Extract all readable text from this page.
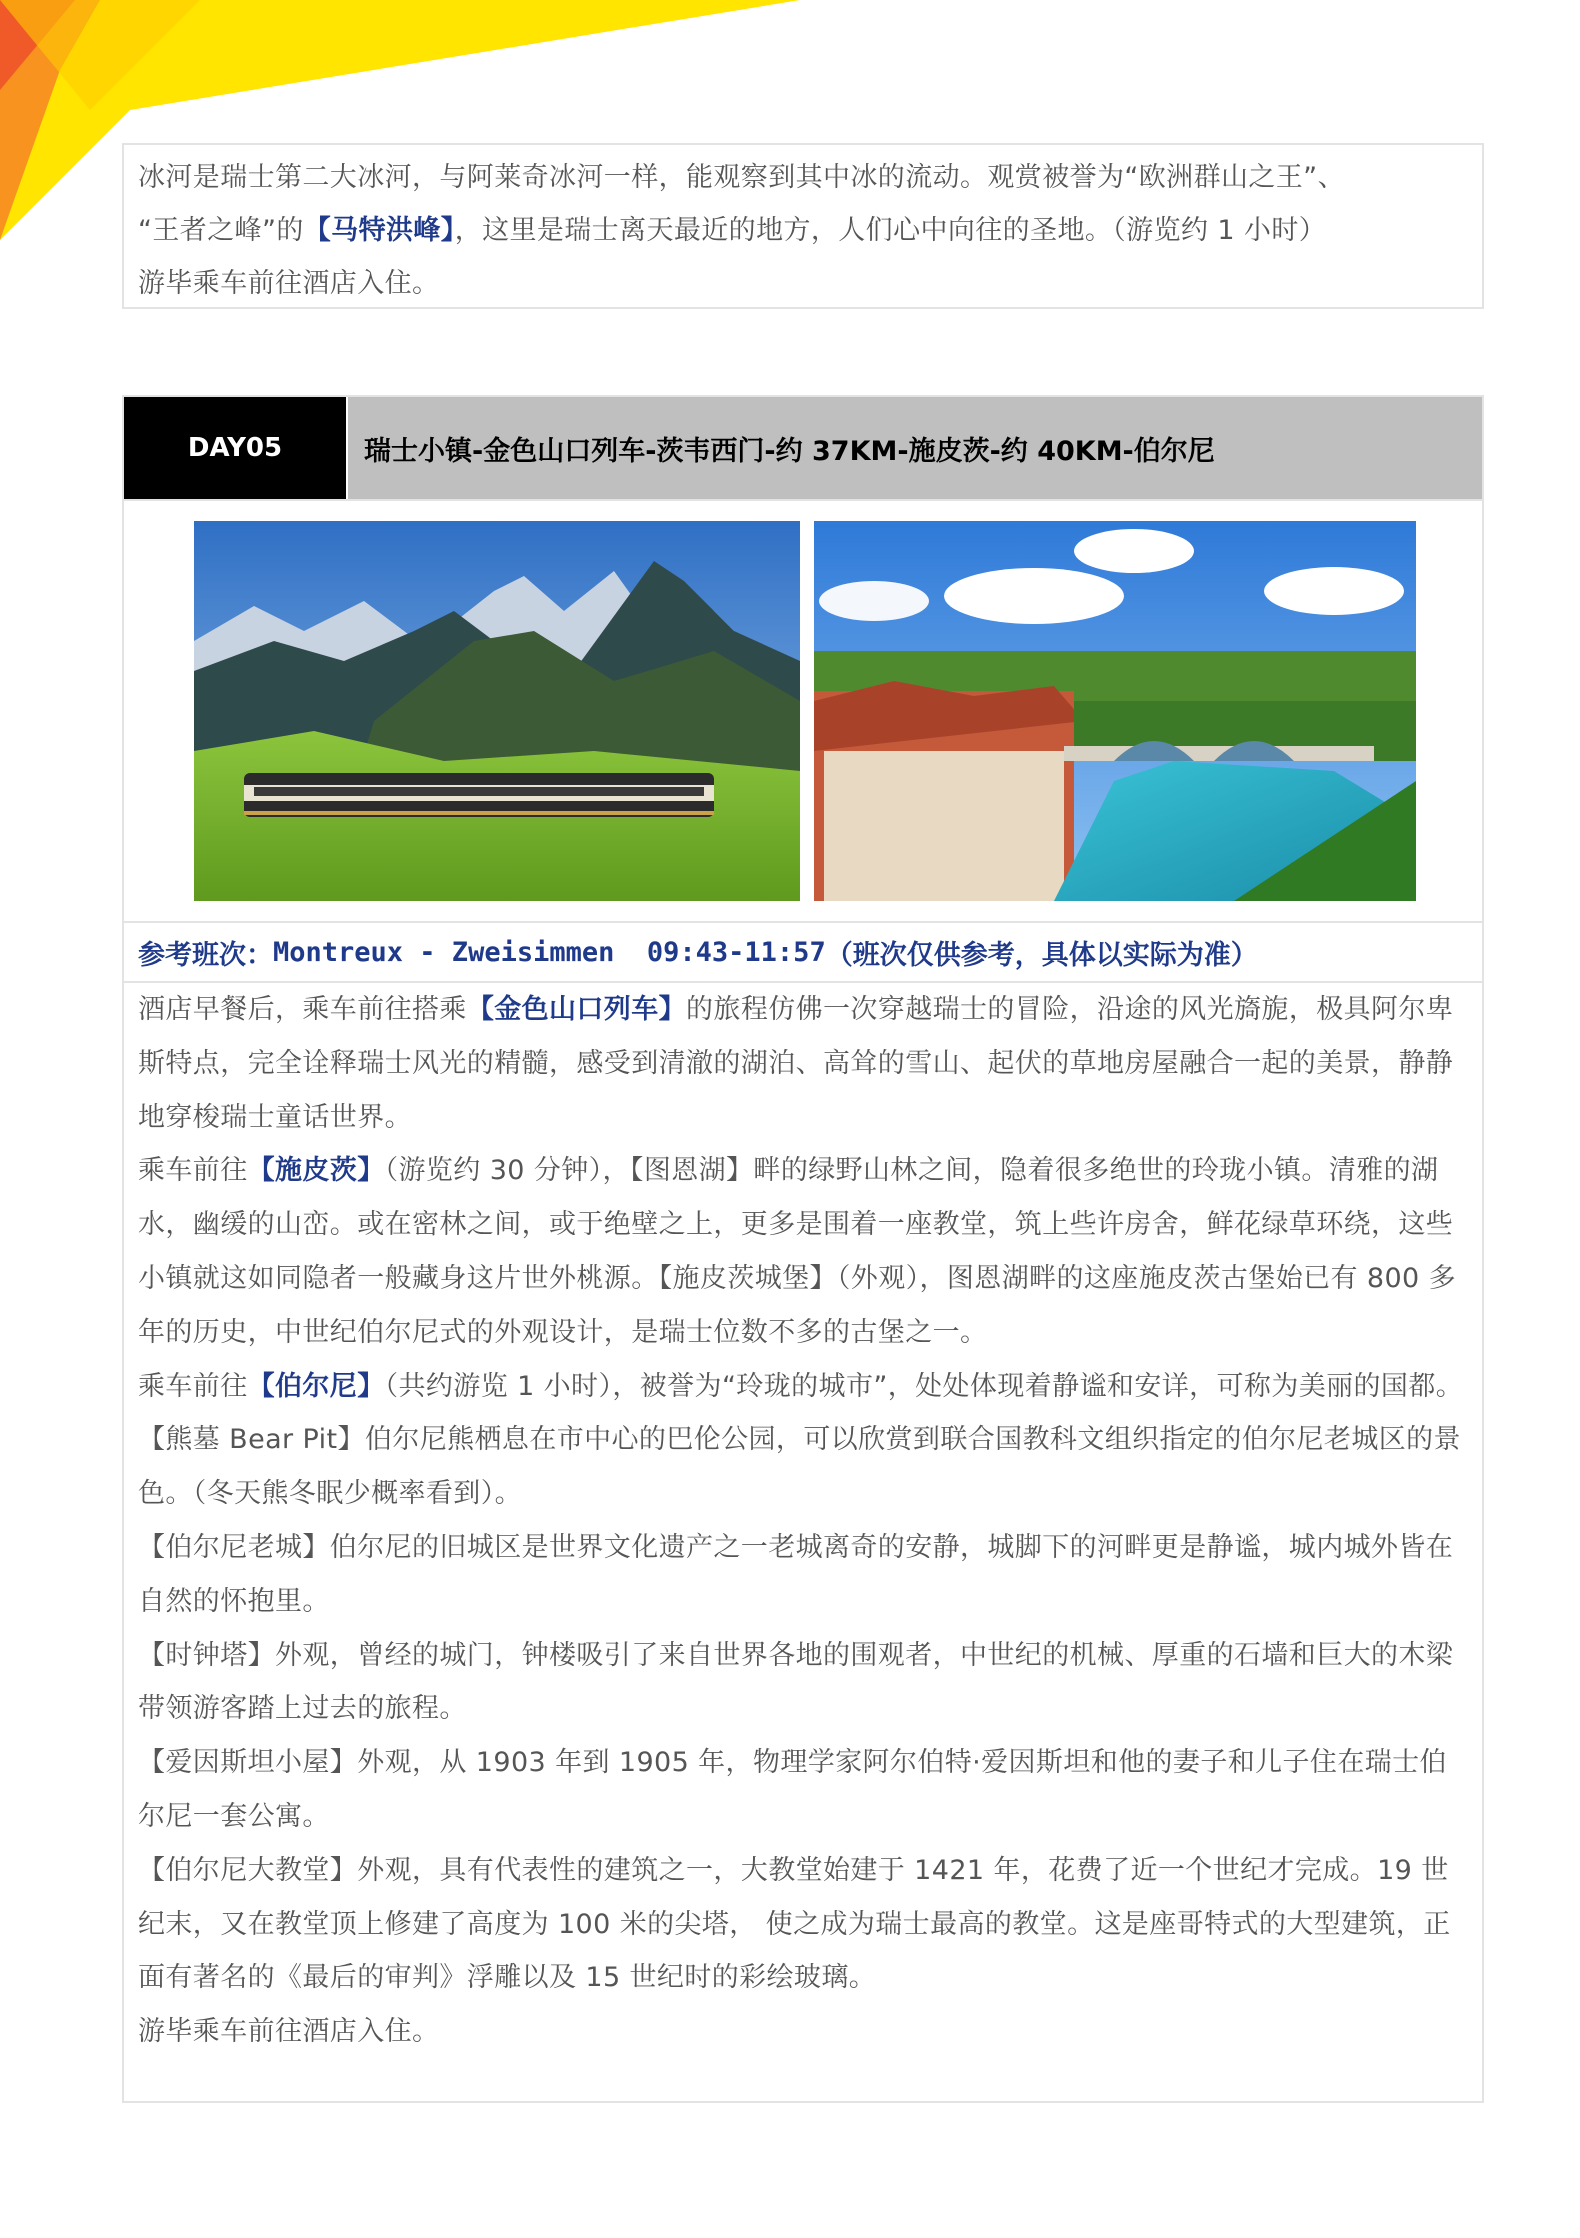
冰河是瑞士第二大冰河，与阿莱奇冰河一样，能观察到其中冰的流动。观赏被誉为“欧洲群山之王”、

“王者之峰”的【马特洪峰】，这里是瑞士离天最近的地方，人们心中向往的圣地。（游览约 1 小时）

游毕乘车前往酒店入住。

DAY05	瑞士小镇-金色山口列车-茨韦西门-约 37KM-施皮茨-约 40KM-伯尔尼
参考班次： Montreux - Zweisimmen 09:43-11:57 （班次仅供参考，具体以实际为准）

酒店早餐后，乘车前往搭乘【金色山口列车】的旅程仿佛一次穿越瑞士的冒险，沿途的风光旖旎，极具阿尔卑斯特点，完全诠释瑞士风光的精髓，感受到清澈的湖泊、高耸的雪山、起伏的草地房屋融合一起的美景，静静地穿梭瑞士童话世界。

乘车前往【施皮茨】（游览约 30 分钟），【图恩湖】畔的绿野山林之间，隐着很多绝世的玲珑小镇。清雅的湖水，幽缓的山峦。或在密林之间，或于绝壁之上，更多是围着一座教堂，筑上些许房舍，鲜花绿草环绕，这些小镇就这如同隐者一般藏身这片世外桃源。【施皮茨城堡】（外观），图恩湖畔的这座施皮茨古堡始已有 800 多年的历史，中世纪伯尔尼式的外观设计，是瑞士位数不多的古堡之一。

乘车前往【伯尔尼】（共约游览 1 小时），被誉为“玲珑的城市”，处处体现着静谧和安详，可称为美丽的国都。

【熊墓 Bear Pit】伯尔尼熊栖息在市中心的巴伦公园，可以欣赏到联合国教科文组织指定的伯尔尼老城区的景色。（冬天熊冬眠少概率看到）。

【伯尔尼老城】伯尔尼的旧城区是世界文化遗产之一老城离奇的安静，城脚下的河畔更是静谧，城内城外皆在自然的怀抱里。

【时钟塔】外观，曾经的城门，钟楼吸引了来自世界各地的围观者，中世纪的机械、厚重的石墙和巨大的木梁带领游客踏上过去的旅程。

【爱因斯坦小屋】外观，从 1903 年到 1905 年，物理学家阿尔伯特·爱因斯坦和他的妻子和儿子住在瑞士伯尔尼一套公寓。

【伯尔尼大教堂】外观，具有代表性的建筑之一，大教堂始建于 1421 年，花费了近一个世纪才完成。19 世纪末，又在教堂顶上修建了高度为 100 米的尖塔， 使之成为瑞士最高的教堂。这是座哥特式的大型建筑，正面有著名的《最后的审判》浮雕以及 15 世纪时的彩绘玻璃。

游毕乘车前往酒店入住。
